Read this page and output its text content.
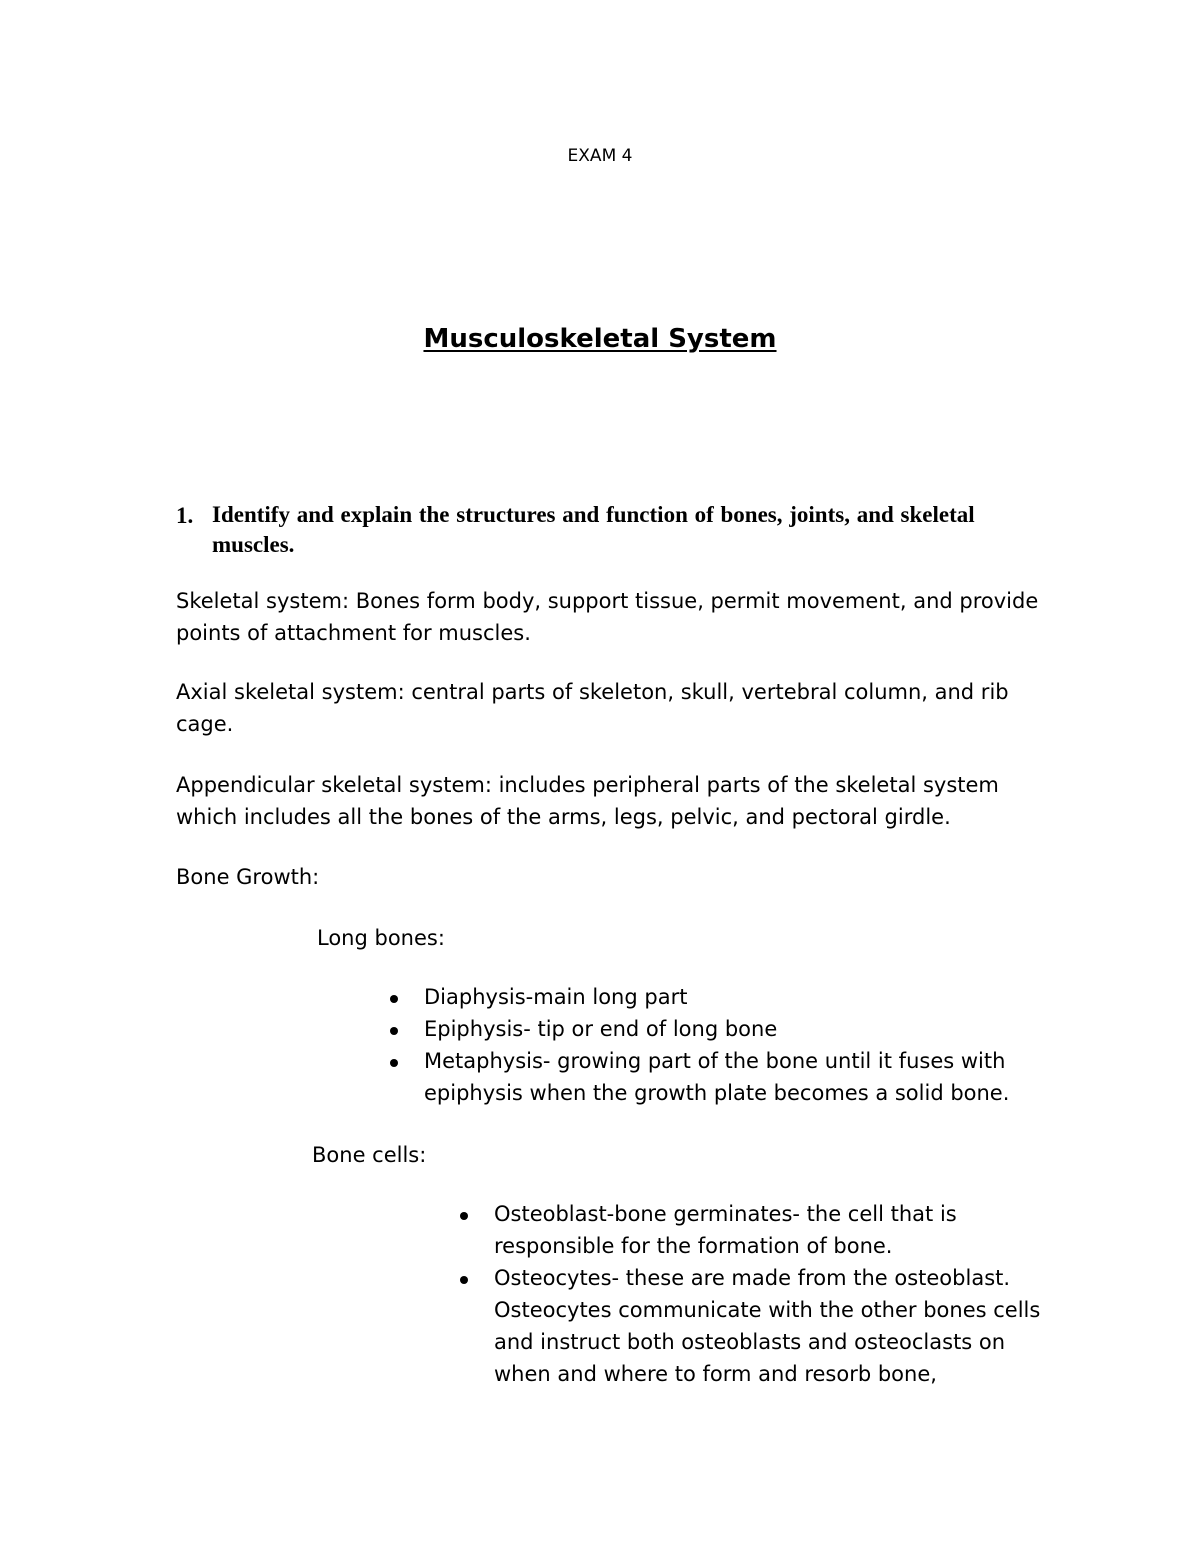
EXAM 4
Musculoskeletal System
1. Identify and explain the structures and function of bones, joints, and skeletal muscles.

Skeletal system: Bones form body, support tissue, permit movement, and provide points of attachment for muscles.

Axial skeletal system: central parts of skeleton, skull, vertebral column, and rib cage.

Appendicular skeletal system: includes peripheral parts of the skeletal system which includes all the bones of the arms, legs, pelvic, and pectoral girdle.

Bone Growth:

Long bones:
Diaphysis-main long part
Epiphysis- tip or end of long bone
Metaphysis- growing part of the bone until it fuses with epiphysis when the growth plate becomes a solid bone.
Bone cells:
Osteoblast-bone germinates- the cell that is responsible for the formation of bone.
Osteocytes- these are made from the osteoblast. Osteocytes communicate with the other bones cells and instruct both osteoblasts and osteoclasts on when and where to form and resorb bone,
